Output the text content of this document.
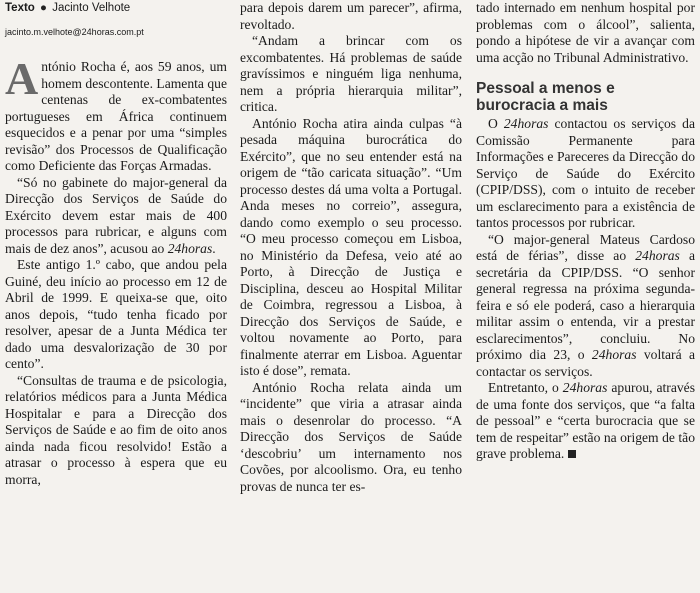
Texto ● Jacinto Velhote
jacinto.m.velhote@24horas.com.pt

António Rocha é, aos 59 anos, um homem descontente. Lamenta que centenas de ex-combatentes portugueses em África continuem esquecidos e a penar por uma “simples revisão” dos Processos de Qualificação como Deficiente das Forças Armadas.

“Só no gabinete do major-general da Direcção dos Serviços de Saúde do Exército devem estar mais de 400 processos para rubricar, e alguns com mais de dez anos”, acusou ao 24horas.

Este antigo 1.º cabo, que andou pela Guiné, deu início ao processo em 12 de Abril de 1999. E queixa-se que, oito anos depois, “tudo tenha ficado por resolver, apesar de a Junta Médica ter dado uma desvalorização de 30 por cento”.

“Consultas de trauma e de psicologia, relatórios médicos para a Junta Médica Hospitalar e para a Direcção dos Serviços de Saúde e ao fim de oito anos ainda nada ficou resolvido! Estão a atrasar o processo à espera que eu morra,

para depois darem um parecer”, afirma, revoltado.

“Andam a brincar com os excombatentes. Há problemas de saúde gravíssimos e ninguém liga nenhuma, nem a própria hierarquia militar”, critica.

António Rocha atira ainda culpas “à pesada máquina burocrática do Exército”, que no seu entender está na origem de “tão caricata situação”. “Um processo destes dá uma volta a Portugal. Anda meses no correio”, assegura, dando como exemplo o seu processo. “O meu processo começou em Lisboa, no Ministério da Defesa, veio até ao Porto, à Direcção de Justiça e Disciplina, desceu ao Hospital Militar de Coimbra, regressou a Lisboa, à Direcção dos Serviços de Saúde, e voltou novamente ao Porto, para finalmente aterrar em Lisboa. Aguentar isto é dose”, remata.

António Rocha relata ainda um “incidente” que viria a atrasar ainda mais o desenrolar do processo. “A Direcção dos Serviços de Saúde ‘descobriu’ um internamento nos Covões, por alcoolismo. Ora, eu tenho provas de nunca ter es-

tado internado em nenhum hospital por problemas com o álcool”, salienta, pondo a hipótese de vir a avançar com uma acção no Tribunal Administrativo.

Pessoal a menos e
burocracia a mais

O 24horas contactou os serviços da Comissão Permanente para Informações e Pareceres da Direcção do Serviço de Saúde do Exército (CPIP/DSS), com o intuito de receber um esclarecimento para a existência de tantos processos por rubricar.

“O major-general Mateus Cardoso está de férias”, disse ao 24horas a secretária da CPIP/DSS. “O senhor general regressa na próxima segunda-feira e só ele poderá, caso a hierarquia militar assim o entenda, vir a prestar esclarecimentos”, concluiu. No próximo dia 23, o 24horas voltará a contactar os serviços.

Entretanto, o 24horas apurou, através de uma fonte dos serviços, que “a falta de pessoal” e “certa burocracia que se tem de respeitar” estão na origem de tão grave problema.
